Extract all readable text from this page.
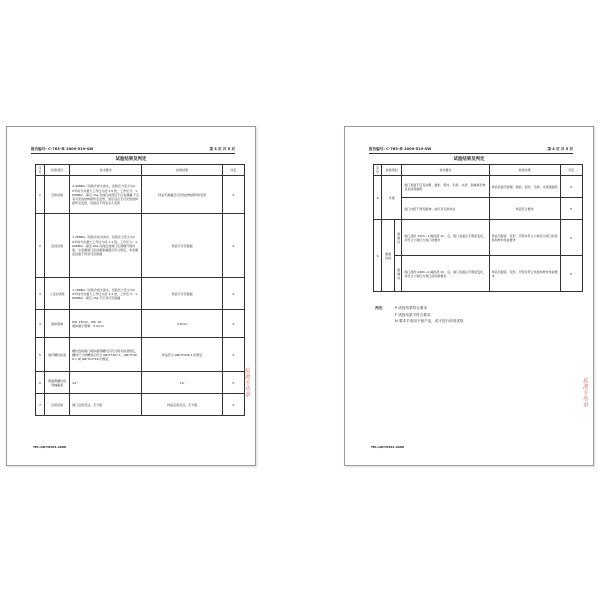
报告编号: C-763-单 2009-519-SW	第 3 页 共 5 页
试验结果及判定
序号	检验项目	技术要求	检验结果	评定
1	壳体试验	2.40MPa（试验介质为淡水，试验压力至少为20℃时允许最大工作压力的 1.5 倍，工作压力：1.60MPa）,保压 15s,壳体任何部位不应有渗漏,不应有可见的结构损伤及变形，加压后应无可见的结构损伤及变形，试验后不得有永久变形	样品无渗漏及可见的结构损伤和变形	P
2	密封试验	1.76MPa（试验介质为淡水，试验压力至少为20℃时允许最大工作压力的 1.1 倍，工作压力：1.60MPa）,保压 60s,双向密封阀门应两侧分别试验，全金属阀门密封面泄漏量应符合规定，非金属密封面不得有可见泄漏	样品无可见泄漏	P
3	上密封试验	1.76MPa（试验介质为淡水，试验压力至少为20℃时允许最大工作压力的 1.1 倍，工作压力：1.60MPa）,保压 15s,不应有可见泄漏	样品无可见泄漏	P
4	阀体壁厚	DN: 25mm；PN: 16
阀体最小壁厚：5.0mm	2.6mm	P
5	阀杆螺纹检查	螺纹连接阀门阀体端部螺纹应符合相关标准规定，螺纹尺寸和精度应符合 GB/T7307.1、GB/T7306.1 或 GB/T12716 的规定	样品符合 GB/T7306.1 的规定	P
6	两端管螺纹的同轴偏差	≤1°	10'	P
7	启闭试验	阀门启闭灵活，无卡阻	样品启闭灵活，无卡阻	P
TEL:GB/T8464-2008
检测专用章
报告编号: C-763-单 2009-519-SW	第 4 页 共 5 页
试验结果及判定
序号	检验项目		技术要求	检验结果	评定
8	外观		阀门表面不应有砂眼、缩松、裂纹、毛刺、夹渣、金属氧化物及杂质等缺陷	样品表面无砂眼、缩松、裂纹、毛刺、夹渣等缺陷	P
			阀门内腔不得有脏物、油污及毛刺存在	样品符合要求	P
9	耐腐性能	耐酸性	阀门浸泡 120h~1 酸溶液 1h，后，阀门表面应无明显变化，并符合公称压力阀门的要求	样品无脱落、变形、开裂并符合公称压力阀门的试验和材料性能要求	P
		耐碱性	阀门浸泡 240h~0 碱溶液 1h，后，阀门表面应无明显变化，并符合公称压力阀门的试验要求	样品无脱落、变形、开裂并符合试验和材料性能要求	P
判定：	P 试验结果符合要求
F 试验结果不符合要求
N 要求不适用于相产品，或不进行该项试验
TEL:GB/T8464-2008
检测专用章
